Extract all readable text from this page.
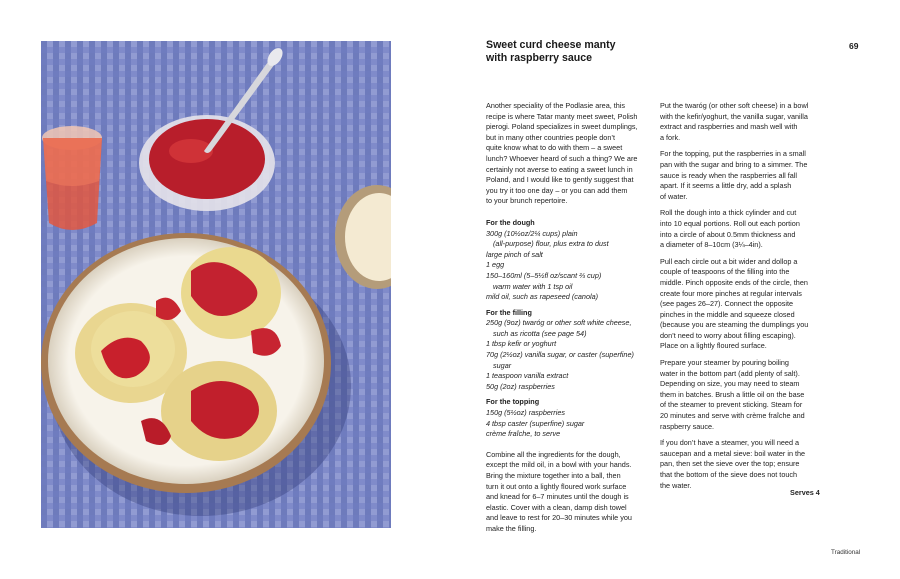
Sweet curd cheese manty
with raspberry sauce
69
Another speciality of the Podlasie area, this
recipe is where Tatar manty meet sweet, Polish
pierogi. Poland specializes in sweet dumplings,
but in many other countries people don’t
quite know what to do with them – a sweet
lunch? Whoever heard of such a thing? We are
certainly not averse to eating a sweet lunch in
Poland, and I would like to gently suggest that
you try it too one day – or you can add them
to your brunch repertoire.
For the dough
300g (10½oz/2¼ cups) plain
(all-purpose) flour, plus extra to dust
large pinch of salt
1 egg
150–160ml (5–5½fl oz/scant ⅔ cup)
warm water with 1 tsp oil
mild oil, such as rapeseed (canola)
For the filling
250g (9oz) twaróg or other soft white cheese,
such as ricotta (see page 54)
1 tbsp kefir or yoghurt
70g (2½oz) vanilla sugar, or caster (superfine)
sugar
1 teaspoon vanilla extract
50g (2oz) raspberries
For the topping
150g (5½oz) raspberries
4 tbsp caster (superfine) sugar
crème fraîche, to serve
Combine all the ingredients for the dough,
except the mild oil, in a bowl with your hands.
Bring the mixture together into a ball, then
turn it out onto a lightly floured work surface
and knead for 6–7 minutes until the dough is
elastic. Cover with a clean, damp dish towel
and leave to rest for 20–30 minutes while you
make the filling.
Put the twaróg (or other soft cheese) in a bowl
with the kefir/yoghurt, the vanilla sugar, vanilla
extract and raspberries and mash well with
a fork.
For the topping, put the raspberries in a small
pan with the sugar and bring to a simmer. The
sauce is ready when the raspberries all fall
apart. If it seems a little dry, add a splash
of water.
Roll the dough into a thick cylinder and cut
into 10 equal portions. Roll out each portion
into a circle of about 0.5mm thickness and
a diameter of 8–10cm (3¼–4in).
Pull each circle out a bit wider and dollop a
couple of teaspoons of the filling into the
middle. Pinch opposite ends of the circle, then
create four more pinches at regular intervals
(see pages 26–27). Connect the opposite
pinches in the middle and squeeze closed
(because you are steaming the dumplings you
don’t need to worry about filling escaping).
Place on a lightly floured surface.
Prepare your steamer by pouring boiling
water in the bottom part (add plenty of salt).
Depending on size, you may need to steam
them in batches. Brush a little oil on the base
of the steamer to prevent sticking. Steam for
20 minutes and serve with crème fraîche and
raspberry sauce.
If you don’t have a steamer, you will need a
saucepan and a metal sieve: boil water in the
pan, then set the sieve over the top; ensure
that the bottom of the sieve does not touch
the water.
Serves 4
Traditional
